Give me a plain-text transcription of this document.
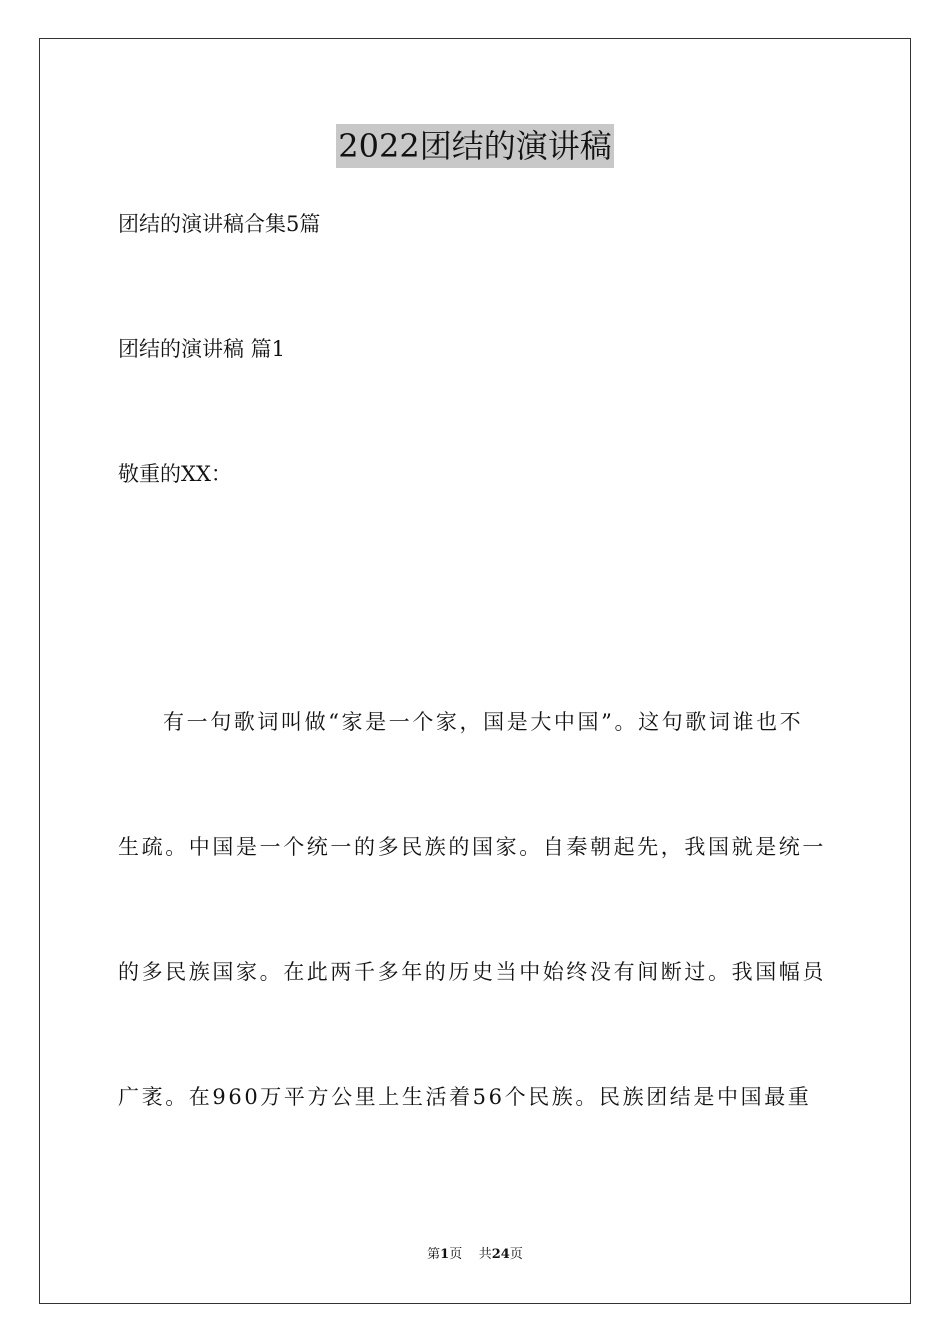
2022团结的演讲稿
团结的演讲稿合集5篇
团结的演讲稿 篇1
敬重的XX：
有一句歌词叫做“家是一个家，国是大中国”。这句歌词谁也不
生疏。中国是一个统一的多民族的国家。自秦朝起先，我国就是统一
的多民族国家。在此两千多年的历史当中始终没有间断过。我国幅员
广袤。在960万平方公里上生活着56个民族。民族团结是中国最重
第1页 共24页
